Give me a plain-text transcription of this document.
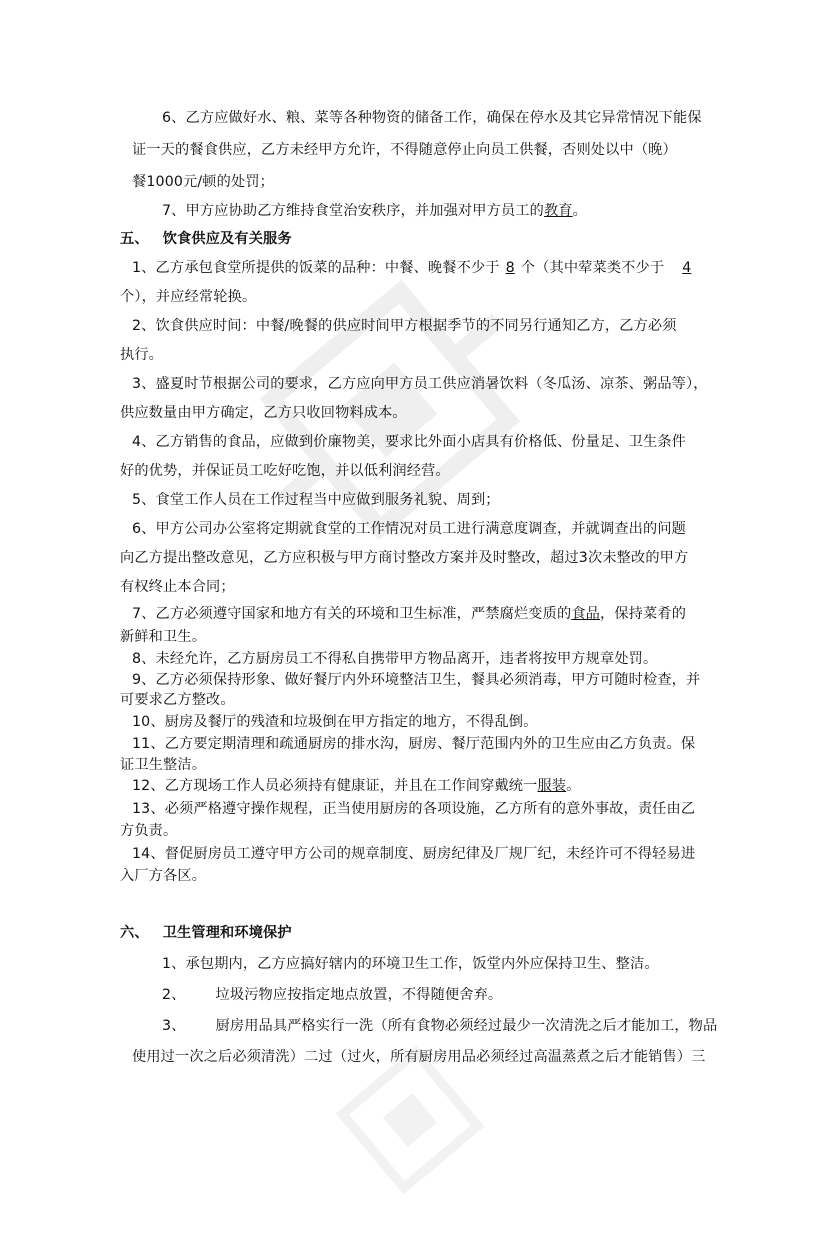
6、乙方应做好水、粮、菜等各种物资的储备工作，确保在停水及其它异常情况下能保
证一天的餐食供应，乙方未经甲方允许，不得随意停止向员工供餐，否则处以中（晚）
餐1000元/顿的处罚；
7、甲方应协助乙方维持食堂治安秩序，并加强对甲方员工的教育。
五、 饮食供应及有关服务
1、乙方承包食堂所提供的饭菜的品种：中餐、晚餐不少于 8 个（其中荤菜类不少于 4
个），并应经常轮换。
2、饮食供应时间：中餐/晚餐的供应时间甲方根据季节的不同另行通知乙方，乙方必须
执行。
3、盛夏时节根据公司的要求，乙方应向甲方员工供应消暑饮料（冬瓜汤、凉茶、粥品等），
供应数量由甲方确定，乙方只收回物料成本。
4、乙方销售的食品，应做到价廉物美，要求比外面小店具有价格低、份量足、卫生条件
好的优势，并保证员工吃好吃饱，并以低利润经营。
5、食堂工作人员在工作过程当中应做到服务礼貌、周到；
6、甲方公司办公室将定期就食堂的工作情况对员工进行满意度调查，并就调查出的问题
向乙方提出整改意见，乙方应积极与甲方商讨整改方案并及时整改，超过3次未整改的甲方
有权终止本合同；
7、乙方必须遵守国家和地方有关的环境和卫生标准，严禁腐烂变质的食品，保持菜肴的
新鲜和卫生。
8、未经允许，乙方厨房员工不得私自携带甲方物品离开，违者将按甲方规章处罚。
9、乙方必须保持形象、做好餐厅内外环境整洁卫生，餐具必须消毒，甲方可随时检查，并
可要求乙方整改。
10、厨房及餐厅的残渣和垃圾倒在甲方指定的地方，不得乱倒。
11、乙方要定期清理和疏通厨房的排水沟，厨房、餐厅范围内外的卫生应由乙方负责。保
证卫生整洁。
12、乙方现场工作人员必须持有健康证，并且在工作间穿戴统一服装。
13、必须严格遵守操作规程，正当使用厨房的各项设施，乙方所有的意外事故，责任由乙
方负责。
14、督促厨房员工遵守甲方公司的规章制度、厨房纪律及厂规厂纪，未经许可不得轻易进
入厂方各区。
六、 卫生管理和环境保护
1、承包期内，乙方应搞好辖内的环境卫生工作，饭堂内外应保持卫生、整洁。
2、 垃圾污物应按指定地点放置，不得随便舍弃。
3、 厨房用品具严格实行一洗（所有食物必须经过最少一次清洗之后才能加工，物品
使用过一次之后必须清洗）二过（过火，所有厨房用品必须经过高温蒸煮之后才能销售）三
